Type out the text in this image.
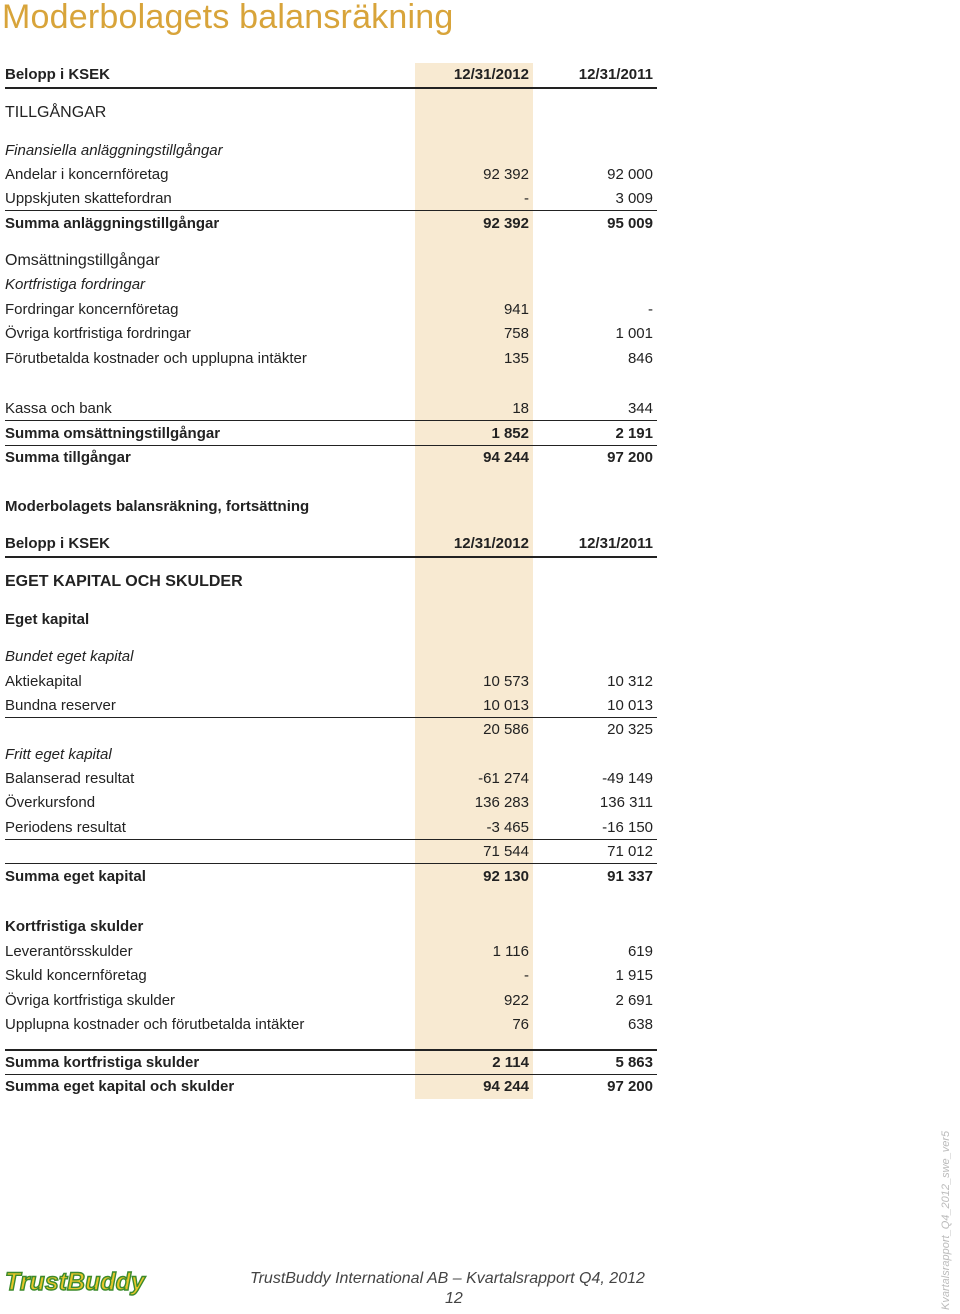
Moderbolagets balansräkning
Belopp i KSEK	12/31/2012	12/31/2011
TILLGÅNGAR
Finansiella anläggningstillgångar
Andelar i koncernföretag	92 392	92 000
Uppskjuten skattefordran	-	3 009
Summa anläggningstillgångar	92 392	95 009
Omsättningstillgångar
Kortfristiga fordringar
Fordringar koncernföretag	941	-
Övriga kortfristiga fordringar	758	1 001
Förutbetalda kostnader och upplupna intäkter	135	846
Kassa och bank	18	344
Summa omsättningstillgångar	1 852	2 191
Summa tillgångar	94 244	97 200
Moderbolagets balansräkning, fortsättning
Belopp i KSEK	12/31/2012	12/31/2011
EGET KAPITAL OCH SKULDER
Eget kapital
Bundet eget kapital
Aktiekapital	10 573	10 312
Bundna reserver	10 013	10 013
20 586	20 325
Fritt eget kapital
Balanserad resultat	-61 274	-49 149
Överkursfond	136 283	136 311
Periodens resultat	-3 465	-16 150
71 544	71 012
Summa eget kapital	92 130	91 337
Kortfristiga skulder
Leverantörsskulder	1 116	619
Skuld koncernföretag	-	1 915
Övriga kortfristiga skulder	922	2 691
Upplupna kostnader och förutbetalda intäkter	76	638
Summa kortfristiga skulder	2 114	5 863
Summa eget kapital och skulder	94 244	97 200
TrustBuddy	TrustBuddy International AB – Kvartalsrapport Q4, 2012
12	Kvartalsrapport_Q4_2012_swe_ver5
